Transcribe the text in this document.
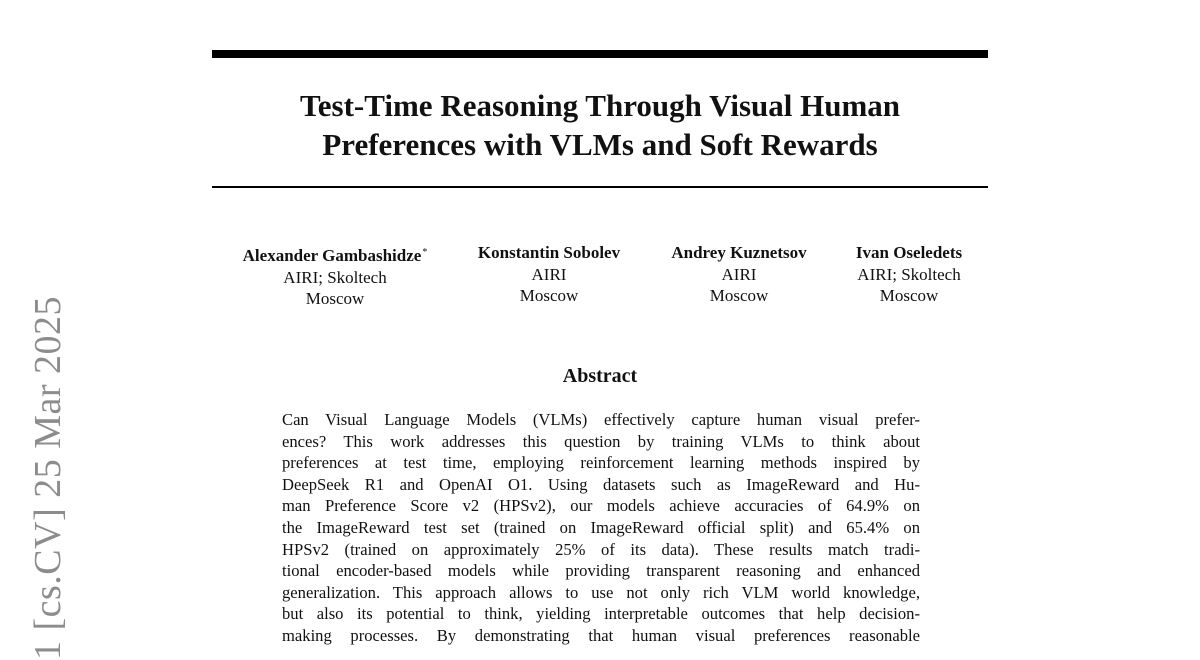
Test-Time Reasoning Through Visual Human
Preferences with VLMs and Soft Rewards
Alexander Gambashidze*
AIRI; Skoltech
Moscow
Konstantin Sobolev
AIRI
Moscow
Andrey Kuznetsov
AIRI
Moscow
Ivan Oseledets
AIRI; Skoltech
Moscow
Abstract
Can Visual Language Models (VLMs) effectively capture human visual prefer-
ences? This work addresses this question by training VLMs to think about
preferences at test time, employing reinforcement learning methods inspired by
DeepSeek R1 and OpenAI O1. Using datasets such as ImageReward and Hu-
man Preference Score v2 (HPSv2), our models achieve accuracies of 64.9% on
the ImageReward test set (trained on ImageReward official split) and 65.4% on
HPSv2 (trained on approximately 25% of its data). These results match tradi-
tional encoder-based models while providing transparent reasoning and enhanced
generalization. This approach allows to use not only rich VLM world knowledge,
but also its potential to think, yielding interpretable outcomes that help decision-
making processes. By demonstrating that human visual preferences reasonable
1 [cs.CV] 25 Mar 2025
